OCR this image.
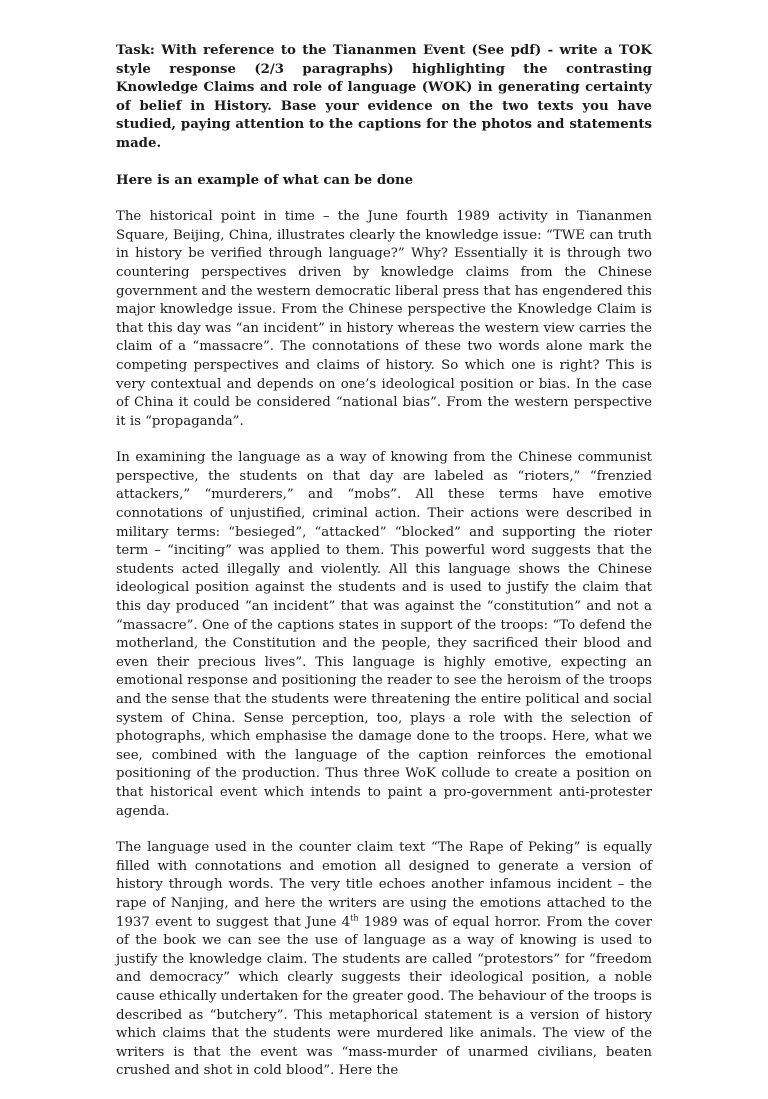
Task: With reference to the Tiananmen Event (See pdf) - write a TOK style response (2/3 paragraphs) highlighting the contrasting Knowledge Claims and role of language (WOK) in generating certainty of belief in History. Base your evidence on the two texts you have studied, paying attention to the captions for the photos and statements made.

Here is an example of what can be done

The historical point in time – the June fourth 1989 activity in Tiananmen Square, Beijing, China, illustrates clearly the knowledge issue: “TWE can truth in history be verified through language?” Why? Essentially it is through two countering perspectives driven by knowledge claims from the Chinese government and the western democratic liberal press that has engendered this major knowledge issue. From the Chinese perspective the Knowledge Claim is that this day was “an incident” in history whereas the western view carries the claim of a “massacre”. The connotations of these two words alone mark the competing perspectives and claims of history. So which one is right? This is very contextual and depends on one’s ideological position or bias. In the case of China it could be considered “national bias”. From the western perspective it is “propaganda”.

In examining the language as a way of knowing from the Chinese communist perspective, the students on that day are labeled as “rioters,” “frenzied attackers,” “murderers,” and “mobs”. All these terms have emotive connotations of unjustified, criminal action. Their actions were described in military terms: “besieged”, “attacked” “blocked” and supporting the rioter term – “inciting” was applied to them. This powerful word suggests that the students acted illegally and violently. All this language shows the Chinese ideological position against the students and is used to justify the claim that this day produced “an incident” that was against the “constitution” and not a “massacre”. One of the captions states in support of the troops: “To defend the motherland, the Constitution and the people, they sacrificed their blood and even their precious lives”. This language is highly emotive, expecting an emotional response and positioning the reader to see the heroism of the troops and the sense that the students were threatening the entire political and social system of China. Sense perception, too, plays a role with the selection of photographs, which emphasise the damage done to the troops. Here, what we see, combined with the language of the caption reinforces the emotional positioning of the production. Thus three WoK collude to create a position on that historical event which intends to paint a pro-government anti-protester agenda.

The language used in the counter claim text “The Rape of Peking” is equally filled with connotations and emotion all designed to generate a version of history through words. The very title echoes another infamous incident – the rape of Nanjing, and here the writers are using the emotions attached to the 1937 event to suggest that June 4th 1989 was of equal horror. From the cover of the book we can see the use of language as a way of knowing is used to justify the knowledge claim. The students are called “protestors” for “freedom and democracy” which clearly suggests their ideological position, a noble cause ethically undertaken for the greater good. The behaviour of the troops is described as “butchery”. This metaphorical statement is a version of history which claims that the students were murdered like animals. The view of the writers is that the event was “mass-murder of unarmed civilians, beaten crushed and shot in cold blood”. Here the
